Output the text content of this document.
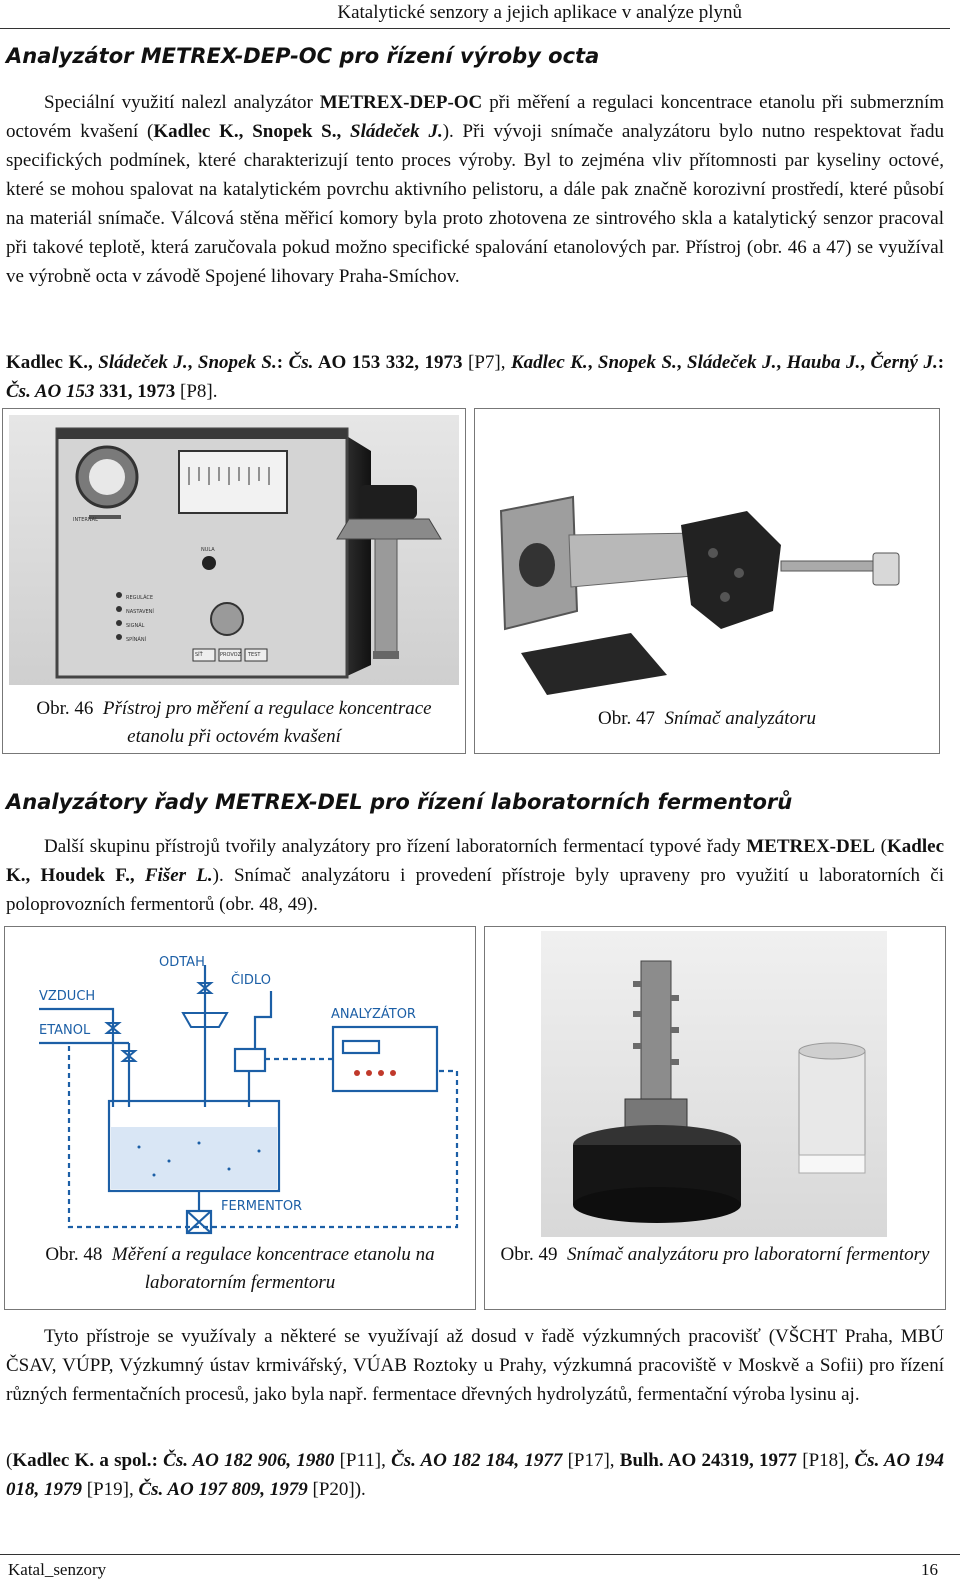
Katalytické senzory a jejich aplikace v analýze plynů
Analyzátor METREX-DEP-OC pro řízení výroby octa
Speciální využití nalezl analyzátor METREX-DEP-OC při měření a regulaci koncentrace etanolu při submerzním octovém kvašení (Kadlec K., Snopek S., Sládeček J.). Při vývoji snímače analyzátoru bylo nutno respektovat řadu specifických podmínek, které charakterizují tento proces výroby. Byl to zejména vliv přítomnosti par kyseliny octové, které se mohou spalovat na katalytickém povrchu aktivního pelistoru, a dále pak značně korozivní prostředí, které působí na materiál snímače. Válcová stěna měřicí komory byla proto zhotovena ze sintrového skla a katalytický senzor pracoval při takové teplotě, která zaručovala pokud možno specifické spalování etanolových par. Přístroj (obr. 46 a 47) se využíval ve výrobně octa v závodě Spojené lihovary Praha-Smíchov.
Kadlec K., Sládeček J., Snopek S.: Čs. AO 153 332, 1973 [P7], Kadlec K., Snopek S., Sládeček J., Hauba J., Černý J.: Čs. AO 153 331, 1973 [P8].
INTERNAL
NULA
REGULÁCE
NASTAVENÍ
SIGNÁL
SPÍNÁNÍ
SÍŤ	PROVOZ TEST
Obr. 46 Přístroj pro měření a regulace koncentrace etanolu při octovém kvašení
Obr. 47 Snímač analyzátoru
Analyzátory řady METREX-DEL pro řízení laboratorních fermentorů
Další skupinu přístrojů tvořily analyzátory pro řízení laboratorních fermentací typové řady METREX-DEL (Kadlec K., Houdek F., Fišer L.). Snímač analyzátoru i provedení přístroje byly upraveny pro využití u laboratorních či poloprovozních fermentorů (obr. 48, 49).
ODTAH
ČIDLO
VZDUCH
ETANOL
ANALYZÁTOR
FERMENTOR
Obr. 48 Měření a regulace koncentrace etanolu na laboratorním fermentoru
Obr. 49 Snímač analyzátoru pro laboratorní fermentory
Tyto přístroje se využívaly a některé se využívají až dosud v řadě výzkumných pracovišť (VŠCHT Praha, MBÚ ČSAV, VÚPP, Výzkumný ústav krmivářský, VÚAB Roztoky u Prahy, výzkumná pracoviště v Moskvě a Sofii) pro řízení různých fermentačních procesů, jako byla např. fermentace dřevných hydrolyzátů, fermentační výroba lysinu aj.
(Kadlec K. a spol.: Čs. AO 182 906, 1980 [P11], Čs. AO 182 184, 1977 [P17], Bulh. AO 24319, 1977 [P18], Čs. AO 194 018, 1979 [P19], Čs. AO 197 809, 1979 [P20]).
Katal_senzory	16
